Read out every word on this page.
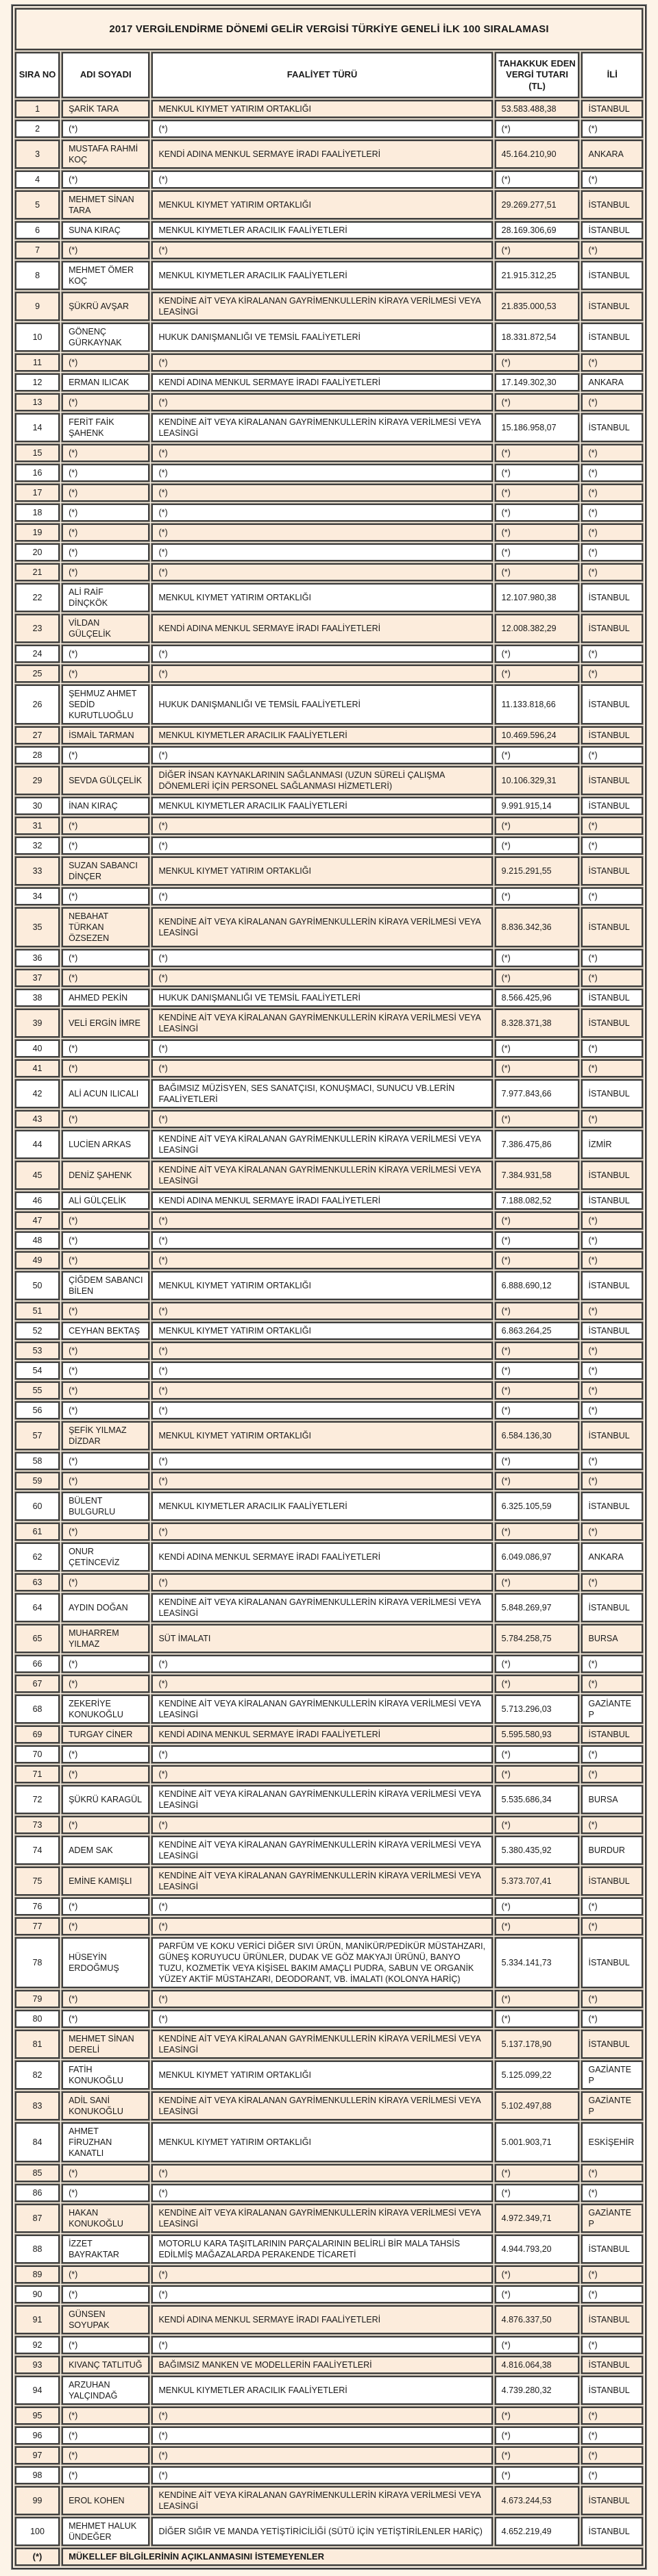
2017 VERGİLENDİRME DÖNEMİ GELİR VERGİSİ TÜRKİYE GENELİ İLK 100 SIRALAMASI				
SIRA NO	ADI SOYADI	FAALİYET TÜRÜ	TAHAKKUK EDEN VERGİ TUTARI (TL)	İLİ
1	ŞARİK TARA	MENKUL KIYMET YATIRIM ORTAKLIĞI	53.583.488,38	İSTANBUL
2	(*)	(*)	(*)	(*)
3	MUSTAFA RAHMİ KOÇ	KENDİ ADINA MENKUL SERMAYE İRADI FAALİYETLERİ	45.164.210,90	ANKARA
4	(*)	(*)	(*)	(*)
5	MEHMET SİNAN TARA	MENKUL KIYMET YATIRIM ORTAKLIĞI	29.269.277,51	İSTANBUL
6	SUNA KIRAÇ	MENKUL KIYMETLER ARACILIK FAALİYETLERİ	28.169.306,69	İSTANBUL
7	(*)	(*)	(*)	(*)
8	MEHMET ÖMER KOÇ	MENKUL KIYMETLER ARACILIK FAALİYETLERİ	21.915.312,25	İSTANBUL
9	ŞÜKRÜ AVŞAR	KENDİNE AİT VEYA KİRALANAN GAYRİMENKULLERİN KİRAYA VERİLMESİ VEYA LEASİNGİ	21.835.000,53	İSTANBUL
10	GÖNENÇ GÜRKAYNAK	HUKUK DANIŞMANLIĞI VE TEMSİL FAALİYETLERİ	18.331.872,54	İSTANBUL
11	(*)	(*)	(*)	(*)
12	ERMAN ILICAK	KENDİ ADINA MENKUL SERMAYE İRADI FAALİYETLERİ	17.149.302,30	ANKARA
13	(*)	(*)	(*)	(*)
14	FERİT FAİK ŞAHENK	KENDİNE AİT VEYA KİRALANAN GAYRİMENKULLERİN KİRAYA VERİLMESİ VEYA LEASİNGİ	15.186.958,07	İSTANBUL
15	(*)	(*)	(*)	(*)
16	(*)	(*)	(*)	(*)
17	(*)	(*)	(*)	(*)
18	(*)	(*)	(*)	(*)
19	(*)	(*)	(*)	(*)
20	(*)	(*)	(*)	(*)
21	(*)	(*)	(*)	(*)
22	ALİ RAİF DİNÇKÖK	MENKUL KIYMET YATIRIM ORTAKLIĞI	12.107.980,38	İSTANBUL
23	VİLDAN GÜLÇELİK	KENDİ ADINA MENKUL SERMAYE İRADI FAALİYETLERİ	12.008.382,29	İSTANBUL
24	(*)	(*)	(*)	(*)
25	(*)	(*)	(*)	(*)
26	ŞEHMUZ AHMET SEDİD KURUTLUOĞLU	HUKUK DANIŞMANLIĞI VE TEMSİL FAALİYETLERİ	11.133.818,66	İSTANBUL
27	İSMAİL TARMAN	MENKUL KIYMETLER ARACILIK FAALİYETLERİ	10.469.596,24	İSTANBUL
28	(*)	(*)	(*)	(*)
29	SEVDA GÜLÇELİK	DİĞER İNSAN KAYNAKLARININ SAĞLANMASI (UZUN SÜRELİ ÇALIŞMA DÖNEMLERİ İÇİN PERSONEL SAĞLANMASI HİZMETLERİ)	10.106.329,31	İSTANBUL
30	İNAN KIRAÇ	MENKUL KIYMETLER ARACILIK FAALİYETLERİ	9.991.915,14	İSTANBUL
31	(*)	(*)	(*)	(*)
32	(*)	(*)	(*)	(*)
33	SUZAN SABANCI DİNÇER	MENKUL KIYMET YATIRIM ORTAKLIĞI	9.215.291,55	İSTANBUL
34	(*)	(*)	(*)	(*)
35	NEBAHAT TÜRKAN ÖZSEZEN	KENDİNE AİT VEYA KİRALANAN GAYRİMENKULLERİN KİRAYA VERİLMESİ VEYA LEASİNGİ	8.836.342,36	İSTANBUL
36	(*)	(*)	(*)	(*)
37	(*)	(*)	(*)	(*)
38	AHMED PEKİN	HUKUK DANIŞMANLIĞI VE TEMSİL FAALİYETLERİ	8.566.425,96	İSTANBUL
39	VELİ ERGİN İMRE	KENDİNE AİT VEYA KİRALANAN GAYRİMENKULLERİN KİRAYA VERİLMESİ VEYA LEASİNGİ	8.328.371,38	İSTANBUL
40	(*)	(*)	(*)	(*)
41	(*)	(*)	(*)	(*)
42	ALİ ACUN ILICALI	BAĞIMSIZ MÜZİSYEN, SES SANATÇISI, KONUŞMACI, SUNUCU VB.LERİN FAALİYETLERİ	7.977.843,66	İSTANBUL
43	(*)	(*)	(*)	(*)
44	LUCİEN ARKAS	KENDİNE AİT VEYA KİRALANAN GAYRİMENKULLERİN KİRAYA VERİLMESİ VEYA LEASİNGİ	7.386.475,86	İZMİR
45	DENİZ ŞAHENK	KENDİNE AİT VEYA KİRALANAN GAYRİMENKULLERİN KİRAYA VERİLMESİ VEYA LEASİNGİ	7.384.931,58	İSTANBUL
46	ALİ GÜLÇELİK	KENDİ ADINA MENKUL SERMAYE İRADI FAALİYETLERİ	7.188.082,52	İSTANBUL
47	(*)	(*)	(*)	(*)
48	(*)	(*)	(*)	(*)
49	(*)	(*)	(*)	(*)
50	ÇİĞDEM SABANCI BİLEN	MENKUL KIYMET YATIRIM ORTAKLIĞI	6.888.690,12	İSTANBUL
51	(*)	(*)	(*)	(*)
52	CEYHAN BEKTAŞ	MENKUL KIYMET YATIRIM ORTAKLIĞI	6.863.264,25	İSTANBUL
53	(*)	(*)	(*)	(*)
54	(*)	(*)	(*)	(*)
55	(*)	(*)	(*)	(*)
56	(*)	(*)	(*)	(*)
57	ŞEFİK YILMAZ DİZDAR	MENKUL KIYMET YATIRIM ORTAKLIĞI	6.584.136,30	İSTANBUL
58	(*)	(*)	(*)	(*)
59	(*)	(*)	(*)	(*)
60	BÜLENT BULGURLU	MENKUL KIYMETLER ARACILIK FAALİYETLERİ	6.325.105,59	İSTANBUL
61	(*)	(*)	(*)	(*)
62	ONUR ÇETİNCEVİZ	KENDİ ADINA MENKUL SERMAYE İRADI FAALİYETLERİ	6.049.086,97	ANKARA
63	(*)	(*)	(*)	(*)
64	AYDIN DOĞAN	KENDİNE AİT VEYA KİRALANAN GAYRİMENKULLERİN KİRAYA VERİLMESİ VEYA LEASİNGİ	5.848.269,97	İSTANBUL
65	MUHARREM YILMAZ	SÜT İMALATI	5.784.258,75	BURSA
66	(*)	(*)	(*)	(*)
67	(*)	(*)	(*)	(*)
68	ZEKERİYE KONUKOĞLU	KENDİNE AİT VEYA KİRALANAN GAYRİMENKULLERİN KİRAYA VERİLMESİ VEYA LEASİNGİ	5.713.296,03	GAZİANTEP
69	TURGAY CİNER	KENDİ ADINA MENKUL SERMAYE İRADI FAALİYETLERİ	5.595.580,93	İSTANBUL
70	(*)	(*)	(*)	(*)
71	(*)	(*)	(*)	(*)
72	ŞÜKRÜ KARAGÜL	KENDİNE AİT VEYA KİRALANAN GAYRİMENKULLERİN KİRAYA VERİLMESİ VEYA LEASİNGİ	5.535.686,34	BURSA
73	(*)	(*)	(*)	(*)
74	ADEM SAK	KENDİNE AİT VEYA KİRALANAN GAYRİMENKULLERİN KİRAYA VERİLMESİ VEYA LEASİNGİ	5.380.435,92	BURDUR
75	EMİNE KAMIŞLI	KENDİNE AİT VEYA KİRALANAN GAYRİMENKULLERİN KİRAYA VERİLMESİ VEYA LEASİNGİ	5.373.707,41	İSTANBUL
76	(*)	(*)	(*)	(*)
77	(*)	(*)	(*)	(*)
78	HÜSEYİN ERDOĞMUŞ	PARFÜM VE KOKU VERİCİ DİĞER SIVI ÜRÜN, MANİKÜR/PEDİKÜR MÜSTAHZARI, GÜNEŞ KORUYUCU ÜRÜNLER, DUDAK VE GÖZ MAKYAJI ÜRÜNÜ, BANYO TUZU, KOZMETİK VEYA KİŞİSEL BAKIM AMAÇLI PUDRA, SABUN VE ORGANİK YÜZEY AKTİF MÜSTAHZARI, DEODORANT, VB. İMALATI (KOLONYA HARİÇ)	5.334.141,73	İSTANBUL
79	(*)	(*)	(*)	(*)
80	(*)	(*)	(*)	(*)
81	MEHMET SİNAN DERELİ	KENDİNE AİT VEYA KİRALANAN GAYRİMENKULLERİN KİRAYA VERİLMESİ VEYA LEASİNGİ	5.137.178,90	İSTANBUL
82	FATİH KONUKOĞLU	MENKUL KIYMET YATIRIM ORTAKLIĞI	5.125.099,22	GAZİANTEP
83	ADİL SANİ KONUKOĞLU	KENDİNE AİT VEYA KİRALANAN GAYRİMENKULLERİN KİRAYA VERİLMESİ VEYA LEASİNGİ	5.102.497,88	GAZİANTEP
84	AHMET FİRUZHAN KANATLI	MENKUL KIYMET YATIRIM ORTAKLIĞI	5.001.903,71	ESKİŞEHİR
85	(*)	(*)	(*)	(*)
86	(*)	(*)	(*)	(*)
87	HAKAN KONUKOĞLU	KENDİNE AİT VEYA KİRALANAN GAYRİMENKULLERİN KİRAYA VERİLMESİ VEYA LEASİNGİ	4.972.349,71	GAZİANTEP
88	İZZET BAYRAKTAR	MOTORLU KARA TAŞITLARININ PARÇALARININ BELİRLİ BİR MALA TAHSİS EDİLMİŞ MAĞAZALARDA PERAKENDE TİCARETİ	4.944.793,20	İSTANBUL
89	(*)	(*)	(*)	(*)
90	(*)	(*)	(*)	(*)
91	GÜNSEN SOYUPAK	KENDİ ADINA MENKUL SERMAYE İRADI FAALİYETLERİ	4.876.337,50	İSTANBUL
92	(*)	(*)	(*)	(*)
93	KIVANÇ TATLITUĞ	BAĞIMSIZ MANKEN VE MODELLERİN FAALİYETLERİ	4.816.064,38	İSTANBUL
94	ARZUHAN YALÇINDAĞ	MENKUL KIYMETLER ARACILIK FAALİYETLERİ	4.739.280,32	İSTANBUL
95	(*)	(*)	(*)	(*)
96	(*)	(*)	(*)	(*)
97	(*)	(*)	(*)	(*)
98	(*)	(*)	(*)	(*)
99	EROL KOHEN	KENDİNE AİT VEYA KİRALANAN GAYRİMENKULLERİN KİRAYA VERİLMESİ VEYA LEASİNGİ	4.673.244,53	İSTANBUL
100	MEHMET HALUK ÜNDEĞER	DİĞER SIĞIR VE MANDA YETİŞTİRİCİLİĞİ (SÜTÜ İÇİN YETİŞTİRİLENLER HARİÇ)	4.652.219,49	İSTANBUL
(*)	MÜKELLEF BİLGİLERİNİN AÇIKLANMASINI İSTEMEYENLER			
